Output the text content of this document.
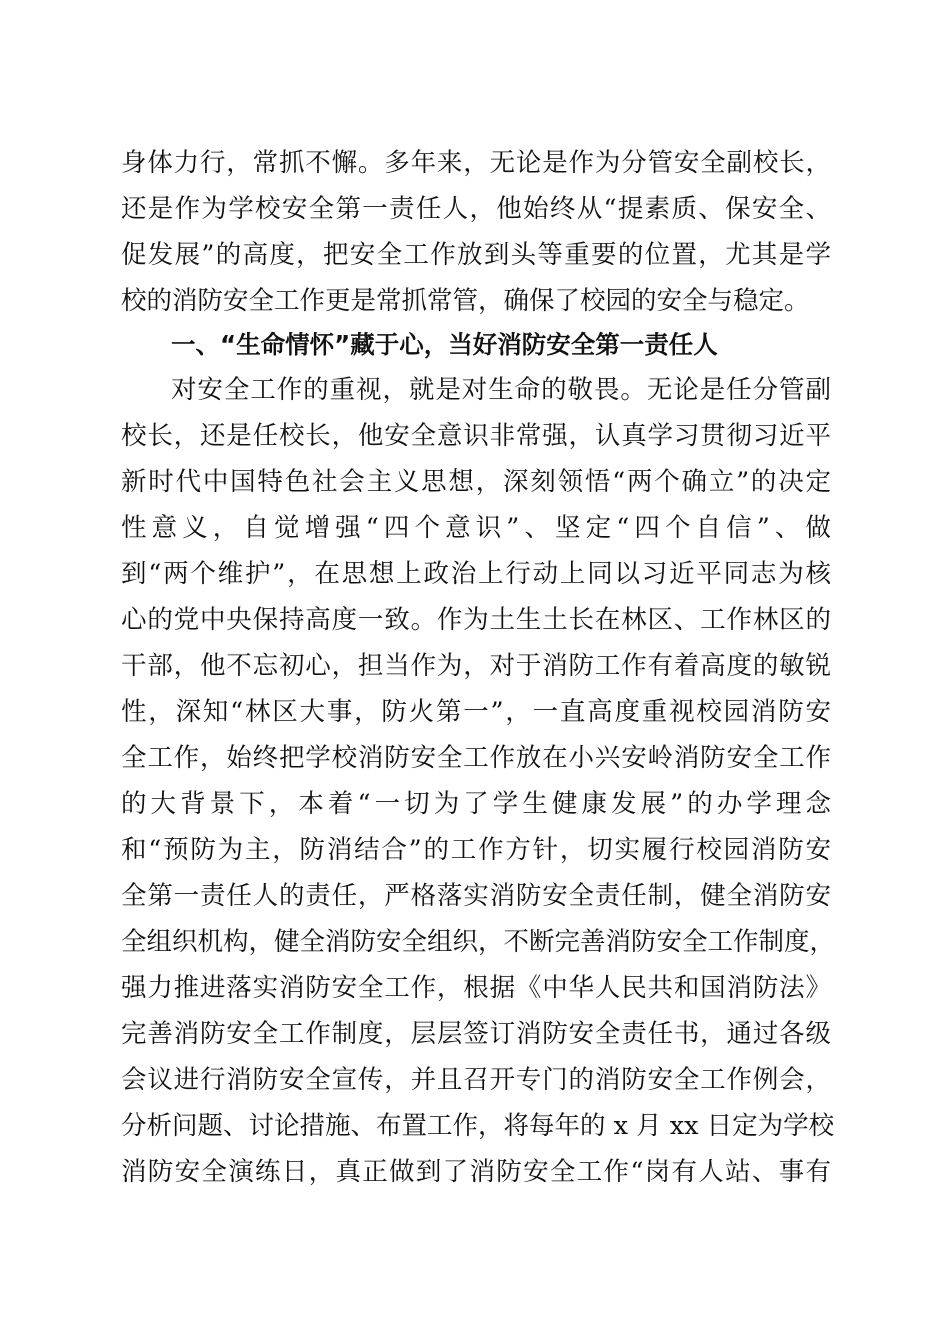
身体力行，常抓不懈。多年来，无论是作为分管安全副校长，
还是作为学校安全第一责任人，他始终从“提素质、保安全、
促发展”的高度，把安全工作放到头等重要的位置，尤其是学
校的消防安全工作更是常抓常管，确保了校园的安全与稳定。
一、“生命情怀”藏于心，当好消防安全第一责任人
对安全工作的重视，就是对生命的敬畏。无论是任分管副
校长，还是任校长，他安全意识非常强，认真学习贯彻习近平
新时代中国特色社会主义思想，深刻领悟“两个确立”的决定
性意义，自觉增强“四个意识”、坚定“四个自信”、做
到“两个维护”，在思想上政治上行动上同以习近平同志为核
心的党中央保持高度一致。作为土生土长在林区、工作林区的
干部，他不忘初心，担当作为，对于消防工作有着高度的敏锐
性，深知“林区大事，防火第一”，一直高度重视校园消防安
全工作，始终把学校消防安全工作放在小兴安岭消防安全工作
的大背景下，本着“一切为了学生健康发展”的办学理念
和“预防为主，防消结合”的工作方针，切实履行校园消防安
全第一责任人的责任，严格落实消防安全责任制，健全消防安
全组织机构，健全消防安全组织，不断完善消防安全工作制度，
强力推进落实消防安全工作，根据《中华人民共和国消防法》
完善消防安全工作制度，层层签订消防安全责任书，通过各级
会议进行消防安全宣传，并且召开专门的消防安全工作例会，
分析问题、讨论措施、布置工作，将每年的 x 月 xx 日定为学校
消防安全演练日，真正做到了消防安全工作“岗有人站、事有
